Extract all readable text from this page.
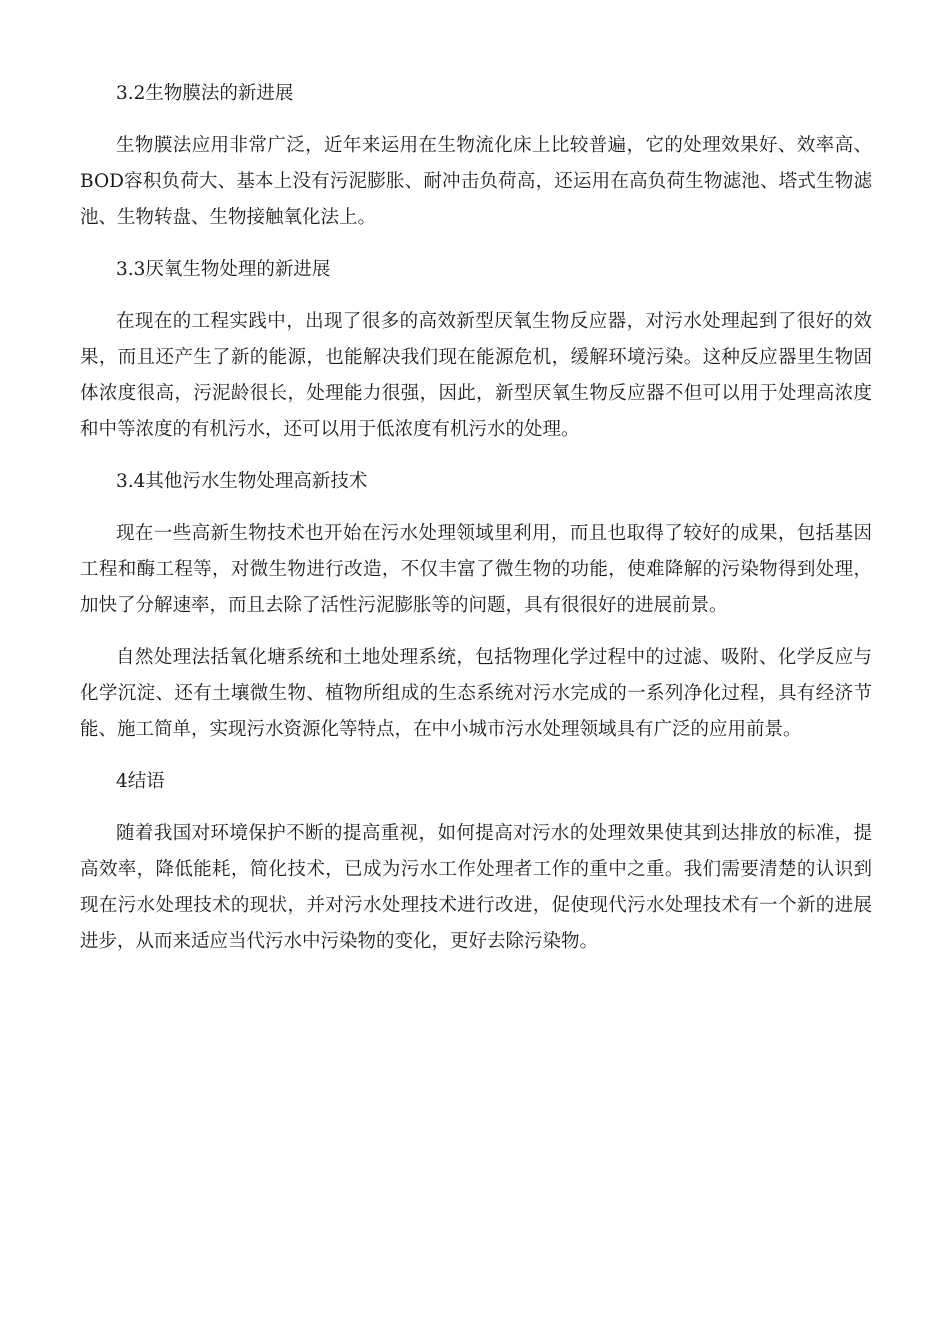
3.2生物膜法的新进展

生物膜法应用非常广泛，近年来运用在生物流化床上比较普遍，它的处理效果好、效率高、BOD容积负荷大、基本上没有污泥膨胀、耐冲击负荷高，还运用在高负荷生物滤池、塔式生物滤池、生物转盘、生物接触氧化法上。

3.3厌氧生物处理的新进展

在现在的工程实践中，出现了很多的高效新型厌氧生物反应器，对污水处理起到了很好的效果，而且还产生了新的能源，也能解决我们现在能源危机，缓解环境污染。这种反应器里生物固体浓度很高，污泥龄很长，处理能力很强，因此，新型厌氧生物反应器不但可以用于处理高浓度和中等浓度的有机污水，还可以用于低浓度有机污水的处理。

3.4其他污水生物处理高新技术

现在一些高新生物技术也开始在污水处理领域里利用，而且也取得了较好的成果，包括基因工程和酶工程等，对微生物进行改造，不仅丰富了微生物的功能，使难降解的污染物得到处理，加快了分解速率，而且去除了活性污泥膨胀等的问题，具有很很好的进展前景。

自然处理法括氧化塘系统和土地处理系统，包括物理化学过程中的过滤、吸附、化学反应与化学沉淀、还有土壤微生物、植物所组成的生态系统对污水完成的一系列净化过程，具有经济节能、施工简单，实现污水资源化等特点，在中小城市污水处理领域具有广泛的应用前景。

4结语

随着我国对环境保护不断的提高重视，如何提高对污水的处理效果使其到达排放的标准，提高效率，降低能耗，简化技术，已成为污水工作处理者工作的重中之重。我们需要清楚的认识到现在污水处理技术的现状，并对污水处理技术进行改进，促使现代污水处理技术有一个新的进展进步，从而来适应当代污水中污染物的变化，更好去除污染物。
